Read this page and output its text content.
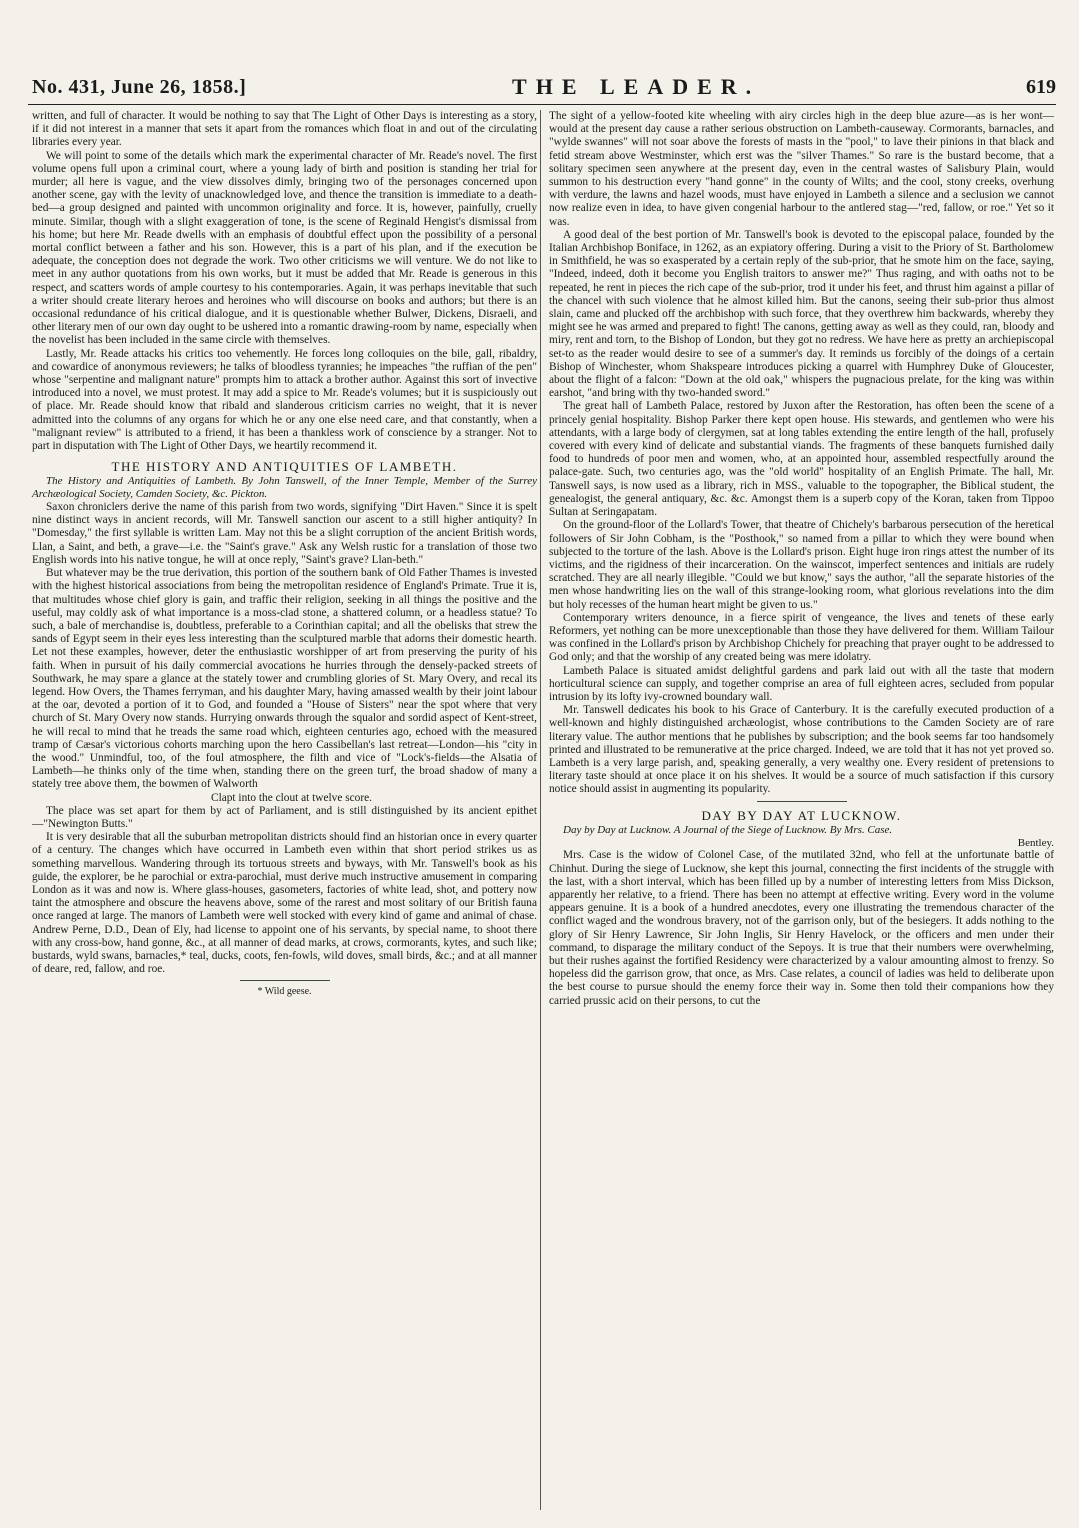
No. 431, June 26, 1858.]	THE LEADER.	619

written, and full of character. It would be nothing to say that The Light of Other Days is interesting as a story, if it did not interest in a manner that sets it apart from the romances which float in and out of the circulating libraries every year.

We will point to some of the details which mark the experimental character of Mr. Reade's novel. The first volume opens full upon a criminal court, where a young lady of birth and position is standing her trial for murder; all here is vague, and the view dissolves dimly, bringing two of the personages concerned upon another scene, gay with the levity of unacknowledged love, and thence the transition is immediate to a death-bed—a group designed and painted with uncommon originality and force. It is, however, painfully, cruelly minute. Similar, though with a slight exaggeration of tone, is the scene of Reginald Hengist's dismissal from his home; but here Mr. Reade dwells with an emphasis of doubtful effect upon the possibility of a personal mortal conflict between a father and his son. However, this is a part of his plan, and if the execution be adequate, the conception does not degrade the work. Two other criticisms we will venture. We do not like to meet in any author quotations from his own works, but it must be added that Mr. Reade is generous in this respect, and scatters words of ample courtesy to his contemporaries. Again, it was perhaps inevitable that such a writer should create literary heroes and heroines who will discourse on books and authors; but there is an occasional redundance of his critical dialogue, and it is questionable whether Bulwer, Dickens, Disraeli, and other literary men of our own day ought to be ushered into a romantic drawing-room by name, especially when the novelist has been included in the same circle with themselves.

Lastly, Mr. Reade attacks his critics too vehemently. He forces long colloquies on the bile, gall, ribaldry, and cowardice of anonymous reviewers; he talks of bloodless tyrannies; he impeaches "the ruffian of the pen" whose "serpentine and malignant nature" prompts him to attack a brother author. Against this sort of invective introduced into a novel, we must protest. It may add a spice to Mr. Reade's volumes; but it is suspiciously out of place. Mr. Reade should know that ribald and slanderous criticism carries no weight, that it is never admitted into the columns of any organs for which he or any one else need care, and that constantly, when a "malignant review" is attributed to a friend, it has been a thankless work of conscience by a stranger. Not to part in disputation with The Light of Other Days, we heartily recommend it.

THE HISTORY AND ANTIQUITIES OF LAMBETH.

The History and Antiquities of Lambeth. By John Tanswell, of the Inner Temple, Member of the Surrey Archæological Society, Camden Society, &c. Pickton.

Saxon chroniclers derive the name of this parish from two words, signifying "Dirt Haven." Since it is spelt nine distinct ways in ancient records, will Mr. Tanswell sanction our ascent to a still higher antiquity? In "Domesday," the first syllable is written Lam. May not this be a slight corruption of the ancient British words, Llan, a Saint, and beth, a grave—i.e. the "Saint's grave." Ask any Welsh rustic for a translation of those two English words into his native tongue, he will at once reply, "Saint's grave? Llan-beth."

But whatever may be the true derivation, this portion of the southern bank of Old Father Thames is invested with the highest historical associations from being the metropolitan residence of England's Primate. True it is, that multitudes whose chief glory is gain, and traffic their religion, seeking in all things the positive and the useful, may coldly ask of what importance is a moss-clad stone, a shattered column, or a headless statue? To such, a bale of merchandise is, doubtless, preferable to a Corinthian capital; and all the obelisks that strew the sands of Egypt seem in their eyes less interesting than the sculptured marble that adorns their domestic hearth. Let not these examples, however, deter the enthusiastic worshipper of art from preserving the purity of his faith. When in pursuit of his daily commercial avocations he hurries through the densely-packed streets of Southwark, he may spare a glance at the stately tower and crumbling glories of St. Mary Overy, and recal its legend. How Overs, the Thames ferryman, and his daughter Mary, having amassed wealth by their joint labour at the oar, devoted a portion of it to God, and founded a "House of Sisters" near the spot where that very church of St. Mary Overy now stands. Hurrying onwards through the squalor and sordid aspect of Kent-street, he will recal to mind that he treads the same road which, eighteen centuries ago, echoed with the measured tramp of Cæsar's victorious cohorts marching upon the hero Cassibellan's last retreat—London—his "city in the wood." Unmindful, too, of the foul atmosphere, the filth and vice of "Lock's-fields—the Alsatia of Lambeth—he thinks only of the time when, standing there on the green turf, the broad shadow of many a stately tree above them, the bowmen of Walworth

Clapt into the clout at twelve score.

The place was set apart for them by act of Parliament, and is still distinguished by its ancient epithet—"Newington Butts."

It is very desirable that all the suburban metropolitan districts should find an historian once in every quarter of a century. The changes which have occurred in Lambeth even within that short period strikes us as something marvellous. Wandering through its tortuous streets and byways, with Mr. Tanswell's book as his guide, the explorer, be he parochial or extra-parochial, must derive much instructive amusement in comparing London as it was and now is. Where glass-houses, gasometers, factories of white lead, shot, and pottery now taint the atmosphere and obscure the heavens above, some of the rarest and most solitary of our British fauna once ranged at large. The manors of Lambeth were well stocked with every kind of game and animal of chase. Andrew Perne, D.D., Dean of Ely, had license to appoint one of his servants, by special name, to shoot there with any cross-bow, hand gonne, &c., at all manner of dead marks, at crows, cormorants, kytes, and such like; bustards, wyld swans, barnacles,* teal, ducks, coots, fen-fowls, wild doves, small birds, &c.; and at all manner of deare, red, fallow, and roe.

* Wild geese.

The sight of a yellow-footed kite wheeling with airy circles high in the deep blue azure—as is her wont—would at the present day cause a rather serious obstruction on Lambeth-causeway. Cormorants, barnacles, and "wylde swannes" will not soar above the forests of masts in the "pool," to lave their pinions in that black and fetid stream above Westminster, which erst was the "silver Thames." So rare is the bustard become, that a solitary specimen seen anywhere at the present day, even in the central wastes of Salisbury Plain, would summon to his destruction every "hand gonne" in the county of Wilts; and the cool, stony creeks, overhung with verdure, the lawns and hazel woods, must have enjoyed in Lambeth a silence and a seclusion we cannot now realize even in idea, to have given congenial harbour to the antlered stag—"red, fallow, or roe." Yet so it was.

A good deal of the best portion of Mr. Tanswell's book is devoted to the episcopal palace, founded by the Italian Archbishop Boniface, in 1262, as an expiatory offering. During a visit to the Priory of St. Bartholomew in Smithfield, he was so exasperated by a certain reply of the sub-prior, that he smote him on the face, saying, "Indeed, indeed, doth it become you English traitors to answer me?" Thus raging, and with oaths not to be repeated, he rent in pieces the rich cape of the sub-prior, trod it under his feet, and thrust him against a pillar of the chancel with such violence that he almost killed him. But the canons, seeing their sub-prior thus almost slain, came and plucked off the archbishop with such force, that they overthrew him backwards, whereby they might see he was armed and prepared to fight! The canons, getting away as well as they could, ran, bloody and miry, rent and torn, to the Bishop of London, but they got no redress. We have here as pretty an archiepiscopal set-to as the reader would desire to see of a summer's day. It reminds us forcibly of the doings of a certain Bishop of Winchester, whom Shakspeare introduces picking a quarrel with Humphrey Duke of Gloucester, about the flight of a falcon: "Down at the old oak," whispers the pugnacious prelate, for the king was within earshot, "and bring with thy two-handed sword."

The great hall of Lambeth Palace, restored by Juxon after the Restoration, has often been the scene of a princely genial hospitality. Bishop Parker there kept open house. His stewards, and gentlemen who were his attendants, with a large body of clergymen, sat at long tables extending the entire length of the hall, profusely covered with every kind of delicate and substantial viands. The fragments of these banquets furnished daily food to hundreds of poor men and women, who, at an appointed hour, assembled respectfully around the palace-gate. Such, two centuries ago, was the "old world" hospitality of an English Primate. The hall, Mr. Tanswell says, is now used as a library, rich in MSS., valuable to the topographer, the Biblical student, the genealogist, the general antiquary, &c. &c. Amongst them is a superb copy of the Koran, taken from Tippoo Sultan at Seringapatam.

On the ground-floor of the Lollard's Tower, that theatre of Chichely's barbarous persecution of the heretical followers of Sir John Cobham, is the "Posthook," so named from a pillar to which they were bound when subjected to the torture of the lash. Above is the Lollard's prison. Eight huge iron rings attest the number of its victims, and the rigidness of their incarceration. On the wainscot, imperfect sentences and initials are rudely scratched. They are all nearly illegible. "Could we but know," says the author, "all the separate histories of the men whose handwriting lies on the wall of this strange-looking room, what glorious revelations into the dim but holy recesses of the human heart might be given to us."

Contemporary writers denounce, in a fierce spirit of vengeance, the lives and tenets of these early Reformers, yet nothing can be more unexceptionable than those they have delivered for them. William Tailour was confined in the Lollard's prison by Archbishop Chichely for preaching that prayer ought to be addressed to God only; and that the worship of any created being was mere idolatry.

Lambeth Palace is situated amidst delightful gardens and park laid out with all the taste that modern horticultural science can supply, and together comprise an area of full eighteen acres, secluded from popular intrusion by its lofty ivy-crowned boundary wall.

Mr. Tanswell dedicates his book to his Grace of Canterbury. It is the carefully executed production of a well-known and highly distinguished archæologist, whose contributions to the Camden Society are of rare literary value. The author mentions that he publishes by subscription; and the book seems far too handsomely printed and illustrated to be remunerative at the price charged. Indeed, we are told that it has not yet proved so. Lambeth is a very large parish, and, speaking generally, a very wealthy one. Every resident of pretensions to literary taste should at once place it on his shelves. It would be a source of much satisfaction if this cursory notice should assist in augmenting its popularity.

DAY BY DAY AT LUCKNOW.

Day by Day at Lucknow. A Journal of the Siege of Lucknow. By Mrs. Case.

Bentley.

Mrs. Case is the widow of Colonel Case, of the mutilated 32nd, who fell at the unfortunate battle of Chinhut. During the siege of Lucknow, she kept this journal, connecting the first incidents of the struggle with the last, with a short interval, which has been filled up by a number of interesting letters from Miss Dickson, apparently her relative, to a friend. There has been no attempt at effective writing. Every word in the volume appears genuine. It is a book of a hundred anecdotes, every one illustrating the tremendous character of the conflict waged and the wondrous bravery, not of the garrison only, but of the besiegers. It adds nothing to the glory of Sir Henry Lawrence, Sir John Inglis, Sir Henry Havelock, or the officers and men under their command, to disparage the military conduct of the Sepoys. It is true that their numbers were overwhelming, but their rushes against the fortified Residency were characterized by a valour amounting almost to frenzy. So hopeless did the garrison grow, that once, as Mrs. Case relates, a council of ladies was held to deliberate upon the best course to pursue should the enemy force their way in. Some then told their companions how they carried prussic acid on their persons, to cut the
